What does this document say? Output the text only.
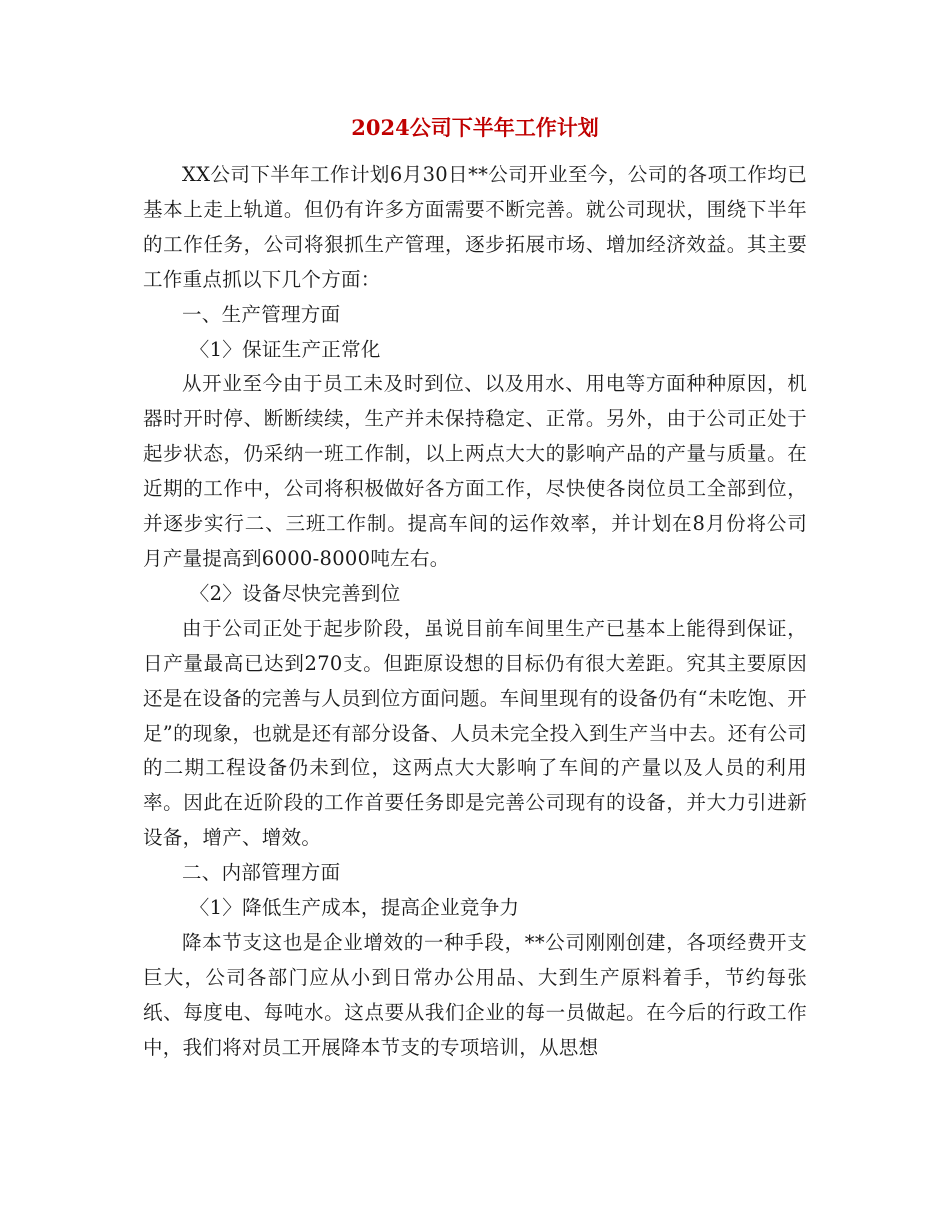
2024公司下半年工作计划

XX公司下半年工作计划6月30日**公司开业至今，公司的各项工作均已基本上走上轨道。但仍有许多方面需要不断完善。就公司现状，围绕下半年的工作任务，公司将狠抓生产管理，逐步拓展市场、增加经济效益。其主要工作重点抓以下几个方面：

一、生产管理方面

〈1〉保证生产正常化

从开业至今由于员工未及时到位、以及用水、用电等方面种种原因，机器时开时停、断断续续，生产并未保持稳定、正常。另外，由于公司正处于起步状态，仍采纳一班工作制，以上两点大大的影响产品的产量与质量。在近期的工作中，公司将积极做好各方面工作，尽快使各岗位员工全部到位，并逐步实行二、三班工作制。提高车间的运作效率，并计划在8月份将公司月产量提高到6000-8000吨左右。

〈2〉设备尽快完善到位

由于公司正处于起步阶段，虽说目前车间里生产已基本上能得到保证，日产量最高已达到270支。但距原设想的目标仍有很大差距。究其主要原因还是在设备的完善与人员到位方面问题。车间里现有的设备仍有“未吃饱、开足”的现象，也就是还有部分设备、人员未完全投入到生产当中去。还有公司的二期工程设备仍未到位，这两点大大影响了车间的产量以及人员的利用率。因此在近阶段的工作首要任务即是完善公司现有的设备，并大力引进新设备，增产、增效。

二、内部管理方面

〈1〉降低生产成本，提高企业竞争力

降本节支这也是企业增效的一种手段，**公司刚刚创建，各项经费开支巨大，公司各部门应从小到日常办公用品、大到生产原料着手，节约每张纸、每度电、每吨水。这点要从我们企业的每一员做起。在今后的行政工作中，我们将对员工开展降本节支的专项培训，从思想
